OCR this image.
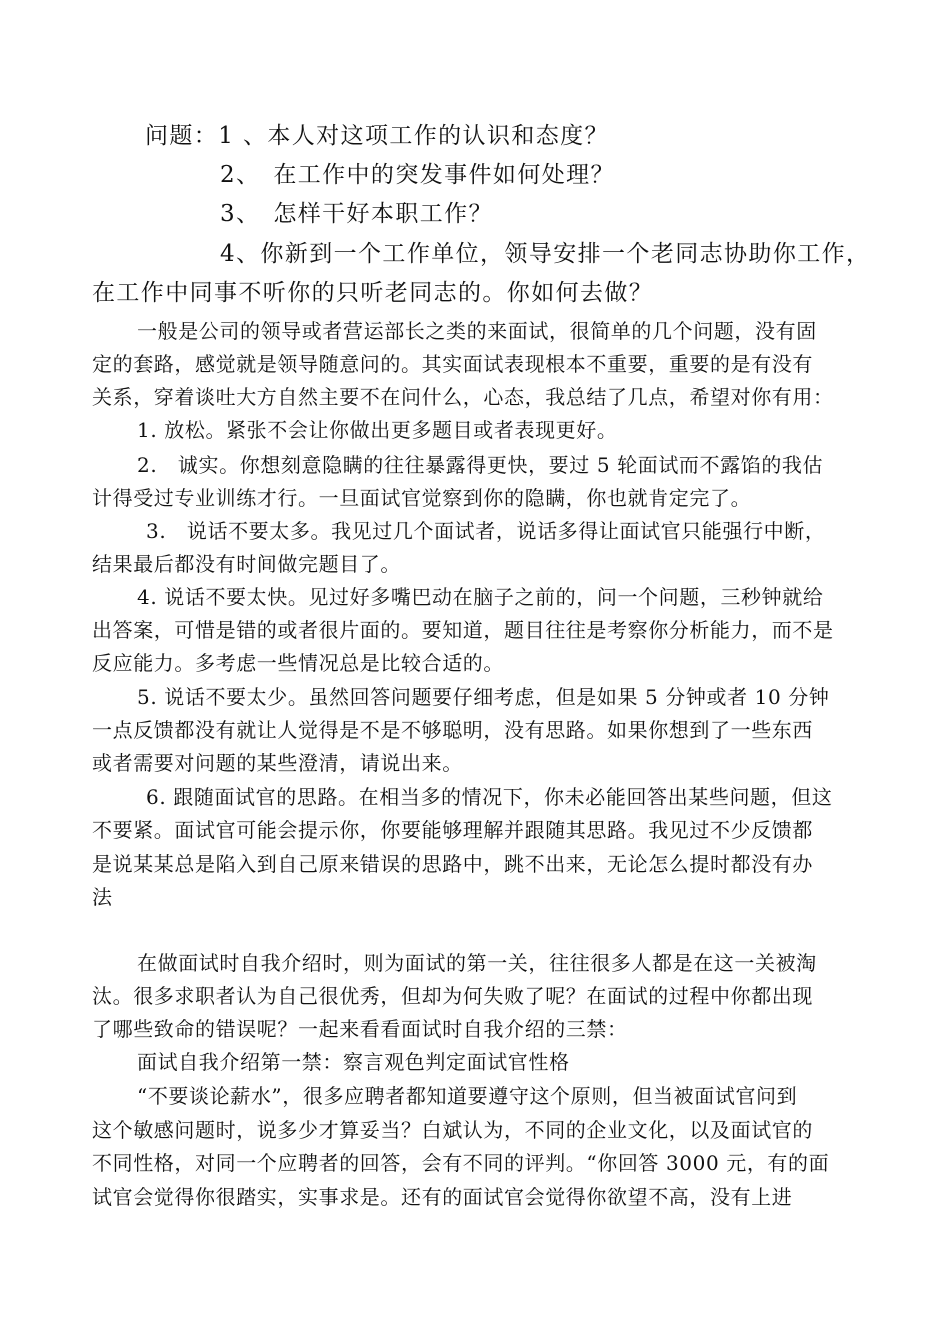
问题：1 、本人对这项工作的认识和态度？
2、　在工作中的突发事件如何处理？
3、　怎样干好本职工作？
4、你新到一个工作单位，领导安排一个老同志协助你工作，
在工作中同事不听你的只听老同志的。你如何去做？
一般是公司的领导或者营运部长之类的来面试，很简单的几个问题，没有固
定的套路，感觉就是领导随意问的。其实面试表现根本不重要，重要的是有没有
关系，穿着谈吐大方自然主要不在问什么，心态，我总结了几点，希望对你有用：
1. 放松。紧张不会让你做出更多题目或者表现更好。
2.　诚实。你想刻意隐瞒的往往暴露得更快，要过 5 轮面试而不露馅的我估
计得受过专业训练才行。一旦面试官觉察到你的隐瞒，你也就肯定完了。
3.　说话不要太多。我见过几个面试者，说话多得让面试官只能强行中断，
结果最后都没有时间做完题目了。
4. 说话不要太快。见过好多嘴巴动在脑子之前的，问一个问题，三秒钟就给
出答案，可惜是错的或者很片面的。要知道，题目往往是考察你分析能力，而不是
反应能力。多考虑一些情况总是比较合适的。
5. 说话不要太少。虽然回答问题要仔细考虑，但是如果 5 分钟或者 10 分钟
一点反馈都没有就让人觉得是不是不够聪明，没有思路。如果你想到了一些东西
或者需要对问题的某些澄清，请说出来。
6. 跟随面试官的思路。在相当多的情况下，你未必能回答出某些问题，但这
不要紧。面试官可能会提示你，你要能够理解并跟随其思路。我见过不少反馈都
是说某某总是陷入到自己原来错误的思路中，跳不出来，无论怎么提时都没有办
法
在做面试时自我介绍时，则为面试的第一关，往往很多人都是在这一关被淘
汰。很多求职者认为自己很优秀，但却为何失败了呢？在面试的过程中你都出现
了哪些致命的错误呢？一起来看看面试时自我介绍的三禁：
面试自我介绍第一禁：察言观色判定面试官性格
“不要谈论薪水”，很多应聘者都知道要遵守这个原则，但当被面试官问到
这个敏感问题时，说多少才算妥当？白斌认为，不同的企业文化，以及面试官的
不同性格，对同一个应聘者的回答，会有不同的评判。“你回答 3000 元，有的面
试官会觉得你很踏实，实事求是。还有的面试官会觉得你欲望不高，没有上进
